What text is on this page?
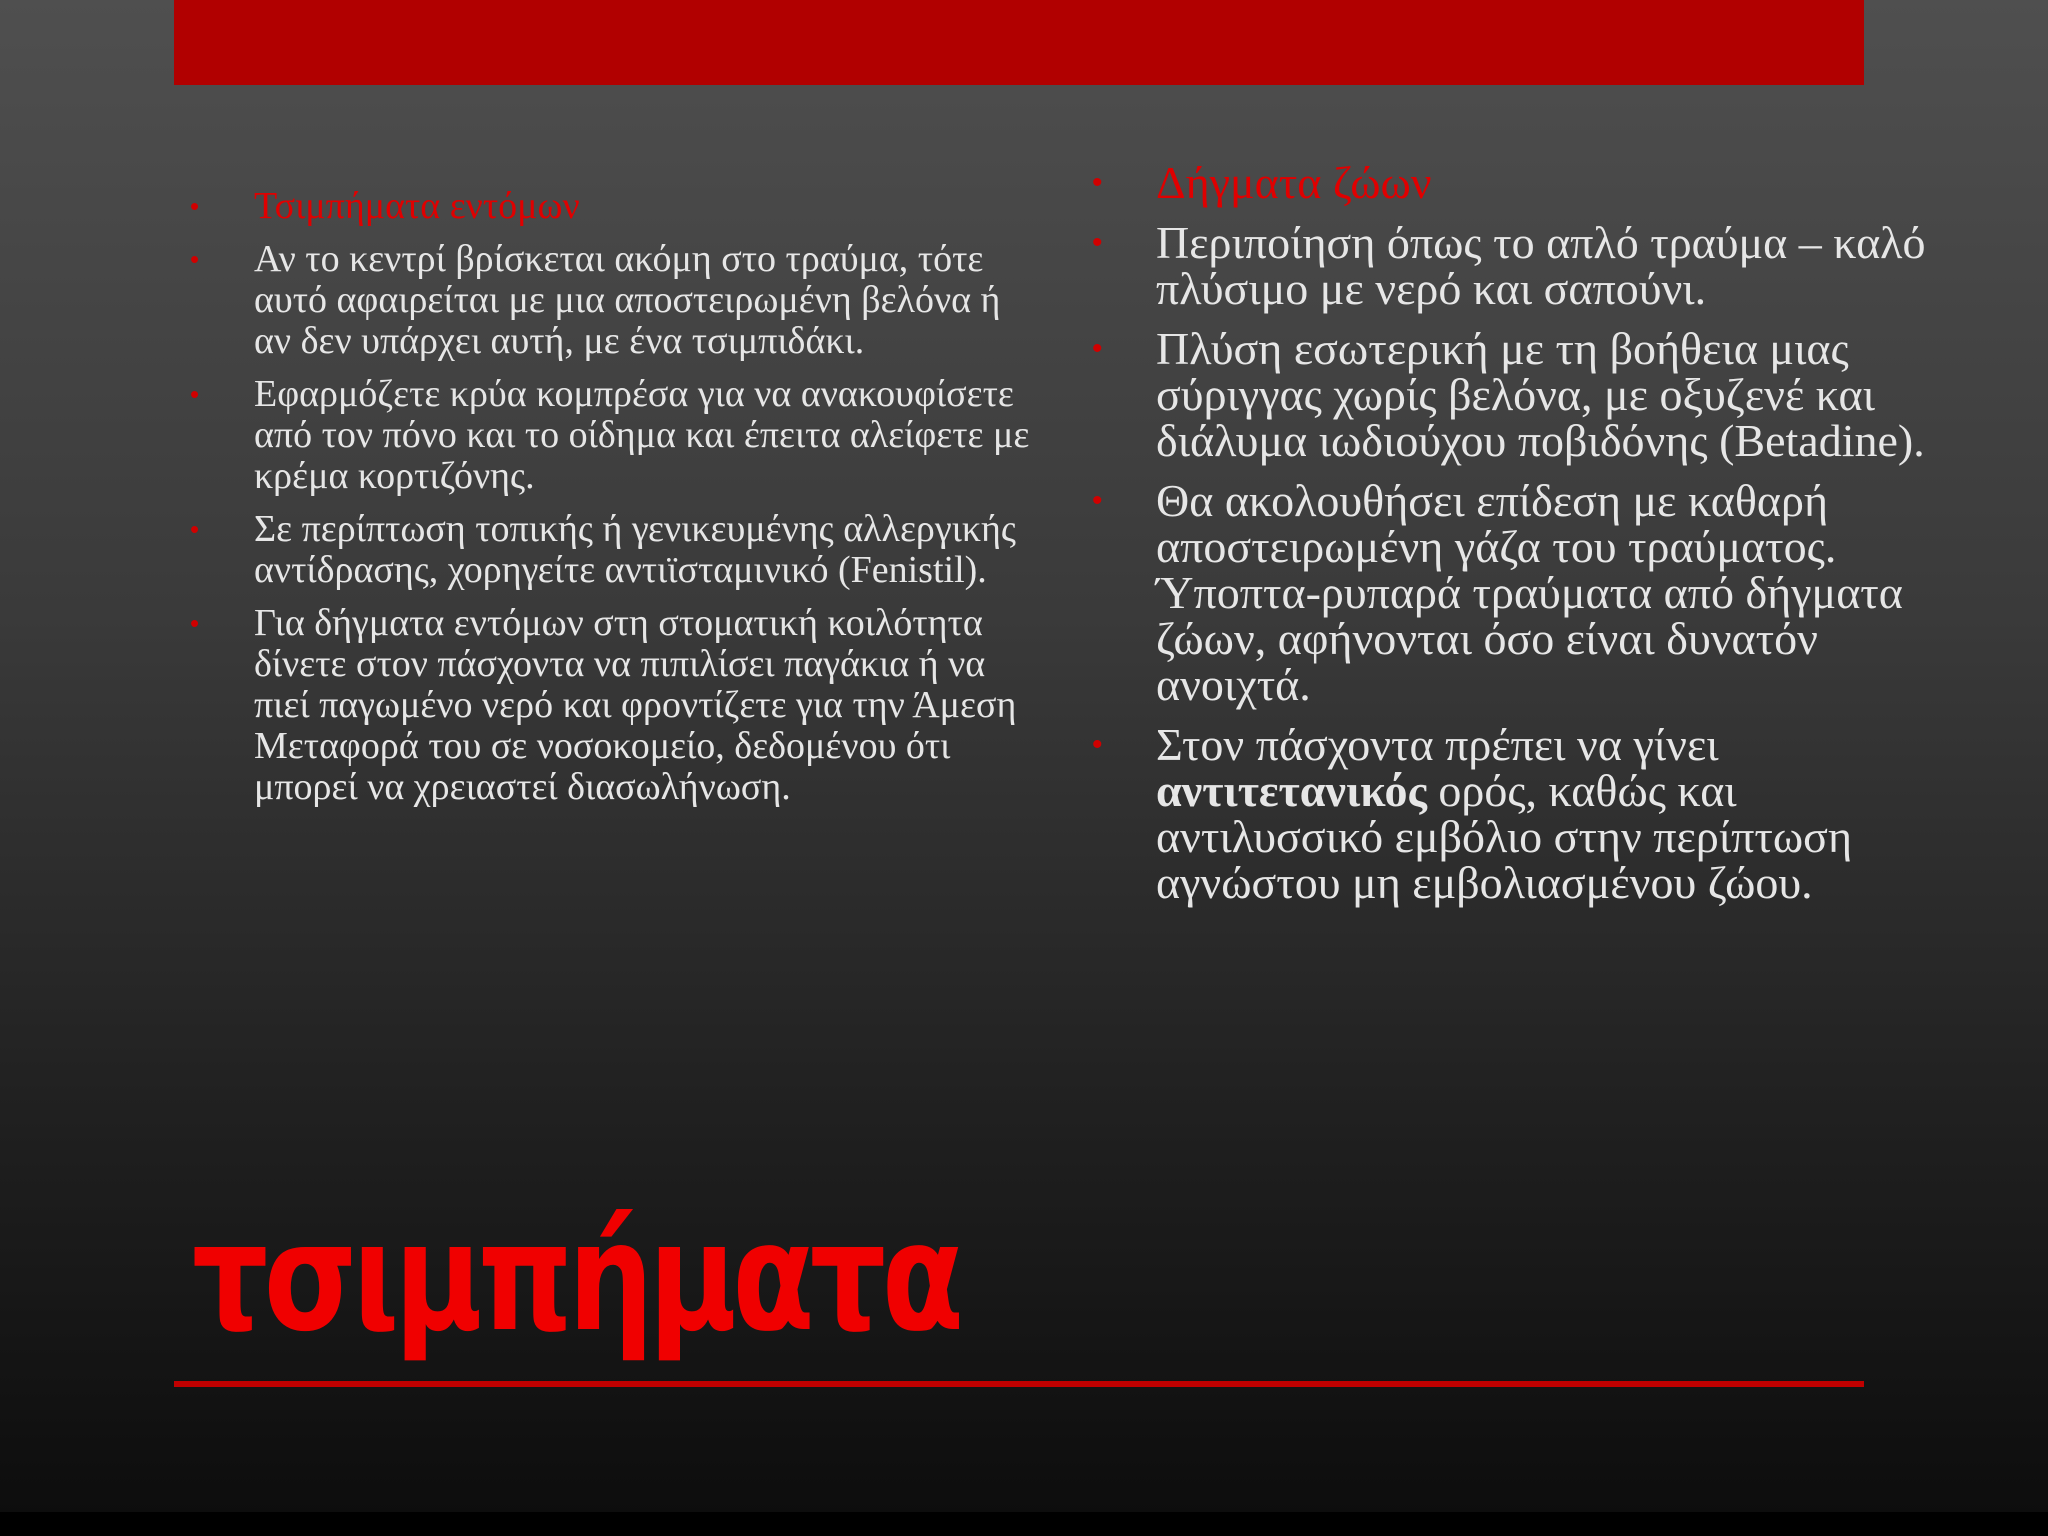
• Τσιμπήματα εντόμων
• Αν το κεντρί βρίσκεται ακόμη στο τραύμα, τότε αυτό αφαιρείται με μια αποστειρωμένη βελόνα ή αν δεν υπάρχει αυτή, με ένα τσιμπιδάκι.
• Εφαρμόζετε κρύα κομπρέσα για να ανακουφίσετε από τον πόνο και το οίδημα και έπειτα αλείφετε με κρέμα κορτιζόνης.
• Σε περίπτωση τοπικής ή γενικευμένης αλλεργικής αντίδρασης, χορηγείτε αντιϊσταμινικό (Fenistil).
• Για δήγματα εντόμων στη στοματική κοιλότητα δίνετε στον πάσχοντα να πιπιλίσει παγάκια ή να πιεί παγωμένο νερό και φροντίζετε για την Άμεση Μεταφορά του σε νοσοκομείο, δεδομένου ότι μπορεί να χρειαστεί διασωλήνωση.
• Δήγματα ζώων
• Περιποίηση όπως το απλό τραύμα – καλό πλύσιμο με νερό και σαπούνι.
• Πλύση εσωτερική με τη βοήθεια μιας σύριγγας χωρίς βελόνα, με οξυζενέ και διάλυμα ιωδιούχου ποβιδόνης (Betadine).
• Θα ακολουθήσει επίδεση με καθαρή αποστειρωμένη γάζα του τραύματος. Ύποπτα-ρυπαρά τραύματα από δήγματα ζώων, αφήνονται όσο είναι δυνατόν ανοιχτά.
• Στον πάσχοντα πρέπει να γίνει αντιτετανικός ορός, καθώς και αντιλυσσικό εμβόλιο στην περίπτωση αγνώστου μη εμβολιασμένου ζώου.
τσιμπήματα
